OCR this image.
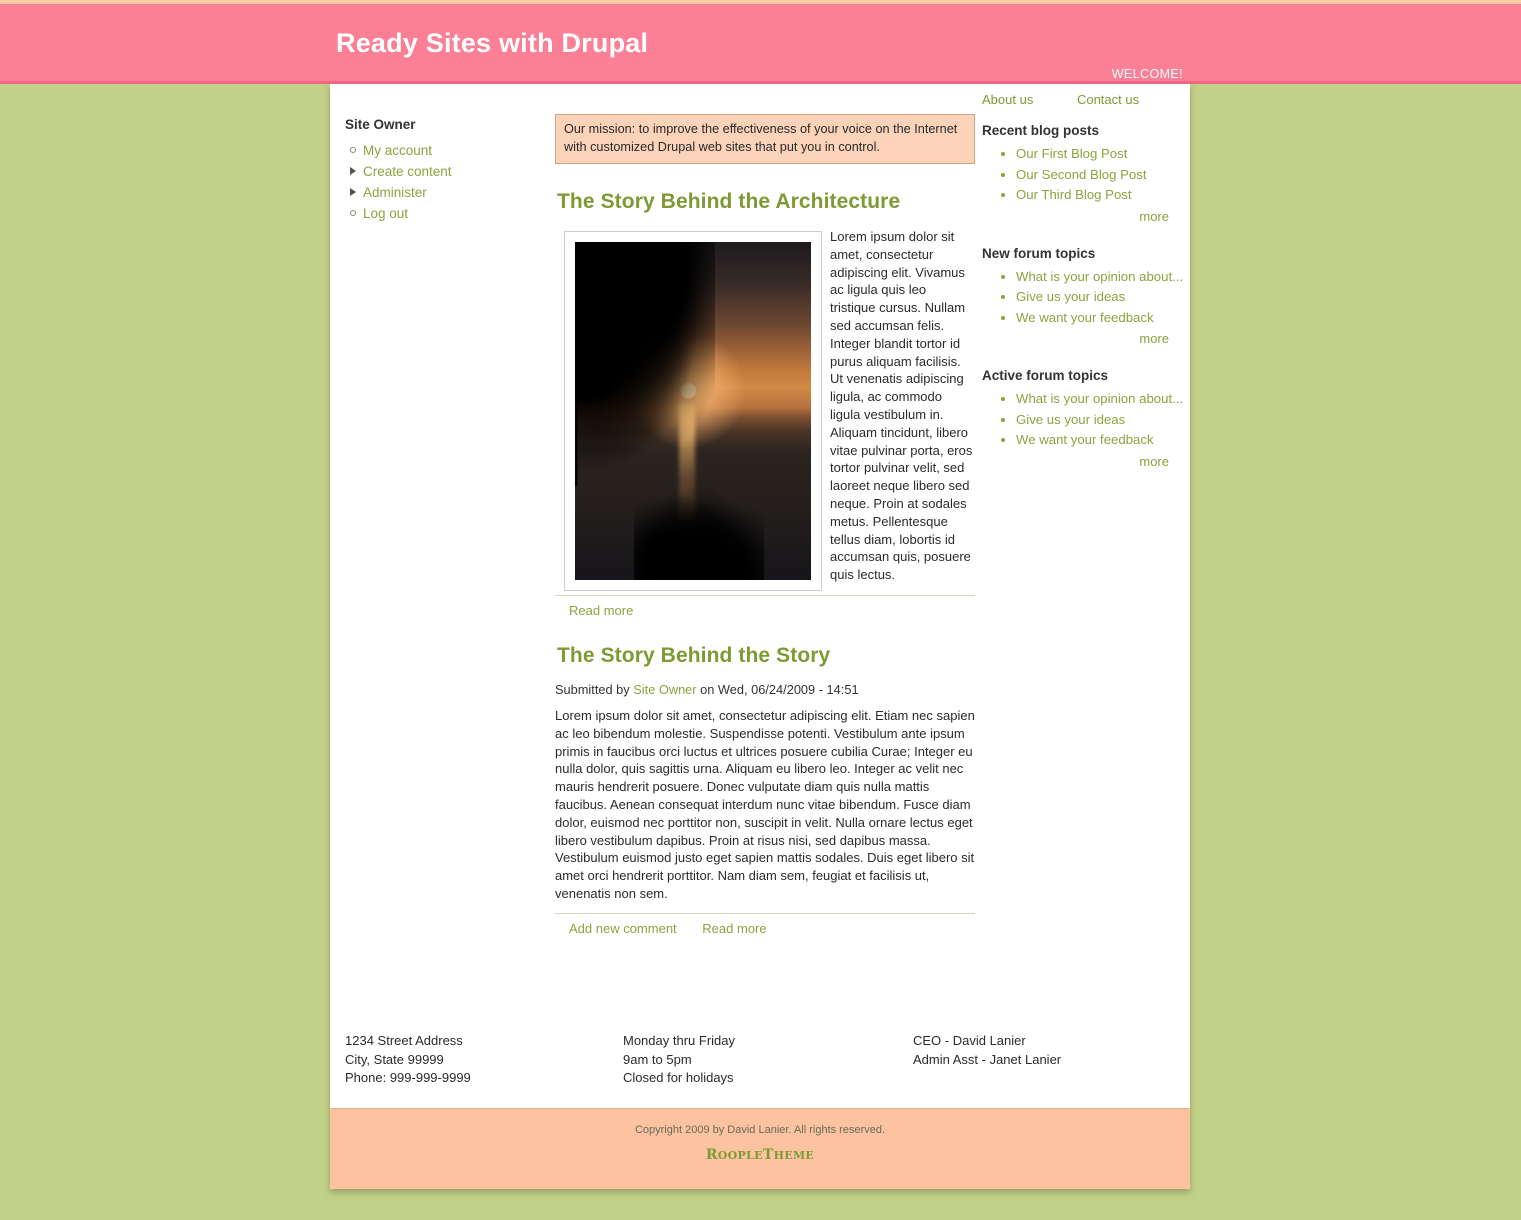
Ready Sites with Drupal
WELCOME!
Site Owner
My account
Create content
Administer
Log out
Our mission: to improve the effectiveness of your voice on the Internet with customized Drupal web sites that put you in control.
The Story Behind the Architecture

Lorem ipsum dolor sit amet, consectetur adipiscing elit. Vivamus ac ligula quis leo tristique cursus. Nullam sed accumsan felis. Integer blandit tortor id purus aliquam facilisis. Ut venenatis adipiscing ligula, ac commodo ligula vestibulum in. Aliquam tincidunt, libero vitae pulvinar porta, eros tortor pulvinar velit, sed laoreet neque libero sed neque. Proin at sodales metus. Pellentesque tellus diam, lobortis id accumsan quis, posuere quis lectus.

Read more
The Story Behind the Story
Submitted by Site Owner on Wed, 06/24/2009 - 14:51

Lorem ipsum dolor sit amet, consectetur adipiscing elit. Etiam nec sapien ac leo bibendum molestie. Suspendisse potenti. Vestibulum ante ipsum primis in faucibus orci luctus et ultrices posuere cubilia Curae; Integer eu nulla dolor, quis sagittis urna. Aliquam eu libero leo. Integer ac velit nec mauris hendrerit posuere. Donec vulputate diam quis nulla mattis faucibus. Aenean consequat interdum nunc vitae bibendum. Fusce diam dolor, euismod nec porttitor non, suscipit in velit. Nulla ornare lectus eget libero vestibulum dapibus. Proin at risus nisi, sed dapibus massa. Vestibulum euismod justo eget sapien mattis sodales. Duis eget libero sit amet orci hendrerit porttitor. Nam diam sem, feugiat et facilisis ut, venenatis non sem.

Add new comment Read more
About us	Contact us
Recent blog posts
• Our First Blog Post
• Our Second Blog Post
• Our Third Blog Post
more
New forum topics
• What is your opinion about...
• Give us your ideas
• We want your feedback
more
Active forum topics
• What is your opinion about...
• Give us your ideas
• We want your feedback
more
1234 Street Address
City, State 99999
Phone: 999-999-9999
Monday thru Friday
9am to 5pm
Closed for holidays
CEO - David Lanier
Admin Asst - Janet Lanier
Copyright 2009 by David Lanier. All rights reserved.
ROOPLETHEME
